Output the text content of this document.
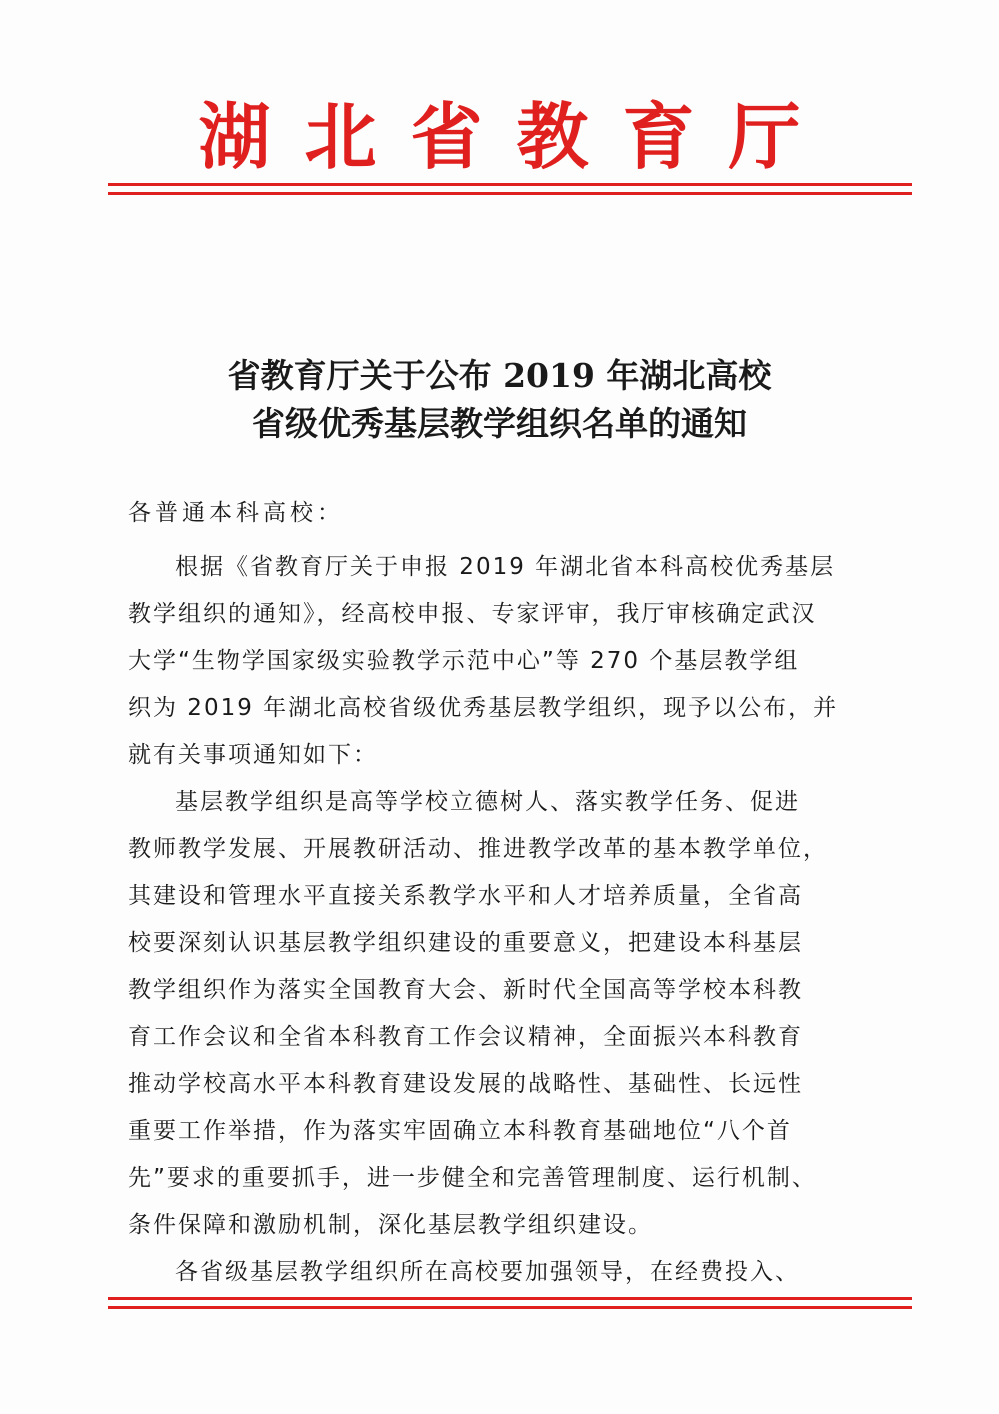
湖北省教育厅
省教育厅关于公布 2019 年湖北高校
省级优秀基层教学组织名单的通知
各普通本科高校：
根据《省教育厅关于申报 2019 年湖北省本科高校优秀基层
教学组织的通知》，经高校申报、专家评审，我厅审核确定武汉
大学“生物学国家级实验教学示范中心”等 270 个基层教学组
织为 2019 年湖北高校省级优秀基层教学组织，现予以公布，并
就有关事项通知如下：
基层教学组织是高等学校立德树人、落实教学任务、促进
教师教学发展、开展教研活动、推进教学改革的基本教学单位，
其建设和管理水平直接关系教学水平和人才培养质量，全省高
校要深刻认识基层教学组织建设的重要意义，把建设本科基层
教学组织作为落实全国教育大会、新时代全国高等学校本科教
育工作会议和全省本科教育工作会议精神，全面振兴本科教育
推动学校高水平本科教育建设发展的战略性、基础性、长远性
重要工作举措，作为落实牢固确立本科教育基础地位“八个首
先”要求的重要抓手，进一步健全和完善管理制度、运行机制、
条件保障和激励机制，深化基层教学组织建设。
各省级基层教学组织所在高校要加强领导，在经费投入、
